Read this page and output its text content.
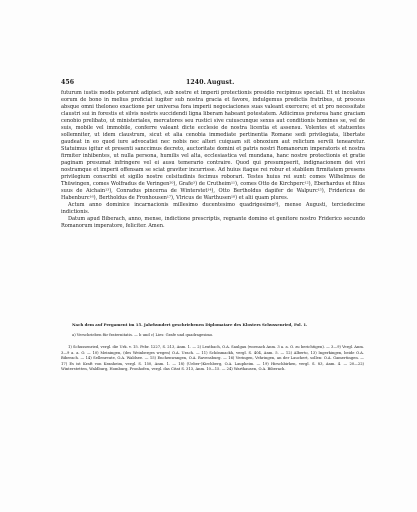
456	1240. August.

futurum iustis modis poterunt adipisci, sub nostre et imperii protectionis presidio recipimus speciali. Et ut incolatus eorum de bono in melius proficiat iugiter sub nostra gracia et favore, indulgemus predictis fratribus, ut proceus absque omni theloneo exactione per universa fora imperii negociaciones suas valeant exercere; et ut pro necessitate claustri sui in forestis et silvis nostris succidendi ligna liberam habeant potestatem. Adiicimus preterea hanc graciam cenobio prelibato, ut ministeriales, mercatores seu rustici sive cuiuscunque sexus aut conditionis homines se, vel de suis, mobile vel immobile, conferre valeant dicte ecclesie de nostra licentia et assensu. Volentes et statuentes sollemniter, ut idem claustrum, sicut et alia cenobia immediate pertinentia Romane sedi privilegiata, libertate gaudeat in eo quod iure advocatiei nec nobis nec alteri cuiquam sit obnoxium aut relictum servili tenearetur. Statuimus igitur et presenti sanccimus decreto, auctoritate domini et patris nostri Romanorum imperatoris et nostra firmiter inhibentes, ut nulla persona, humilis vel alta, ecclesiastica vel mundana, hanc nostre protectionis et gratie paginam presumat infringere vel ei ausu temerario contraire. Quod qui presumpserit, indignacionem dei vivi nostramque et imperii offensam se sciat graviter incurrisse. Ad huius itaque rei robur et stabilem firmitatem presens privilegium conscribi et sigillo nostre celsitudinis fecimus roborari. Testes huius rei sunt: comes Wilhelmus de Thüwingen, comes Wolfradus de Veringen²⁰), Grafe³) de Crutheim¹¹), comes Otto de Kirchperc¹²), Eberhardus et filius suus de Aichain¹³), Conradus pincerna de Winterstet¹⁴), Otto Bertholdus dapifer de Walpurc¹⁵), Fridericus de Habenburc¹⁶), Bertholdus de Fronhousen¹⁷), Vlricus de Warthusen¹⁸) et alii quam plures.

Actum anno dominice incarnacionis millesimo ducentesimo quadrigesimo⁹), mense Augusti, terciedecime indictionis.

Datum apud Biberach, anno, mense, indictione prescriptis, regnante domino et genitore nostro Friderico secundo Romanorum imperatore, feliciter. Amen.

Nach dem auf Pergament im 15. Jahrhundert geschriebenen Diplomatare des Klosters Schussenried, Fol. 1.
a) Verschrieben für fraternitatis. — b und c) Lies: Grafe und quadragesimo.

1) Schussenried, vergl. die Urk. v. 15. Febr. 1227, S. 213, Anm. 1. — 2) Leutbach, O.A. Saulgau (wornach Anm. 3 a. a. O. zu berichtigen). — 3—9) Vergl. Anm. 3—9 a. a. O. — 10) Meiningen, (des Weinberges wegen) O.A. Urach. — 11) Schönmackh, vergl. S. 404, Anm. 5. — 12) Alberto, 13) Ingerkingen, beide O.A. Biberach. — 14) Sellenreute, O.A. Waldsee. — 15) Enchenwangen, O.A. Ravensburg. — 16) Veringen, Vehringen, an der Lauchert, sollen: O.A. Gamertingen. — 17) Es ist Kraft von Kranheim, vergl. S. 150, Anm. 1. — 18) (Ueber-)Kirchberg, O.A. Laupheim. — 19) Hirschbirken, vergl. S. 83, Anm. 4. — 20—22) Winterstetten, Waldburg, Homburg, Fronhofen, vergl. das Citat S. 313, Anm. 10—15. — 24) Warthausen, O.A. Biberach.
